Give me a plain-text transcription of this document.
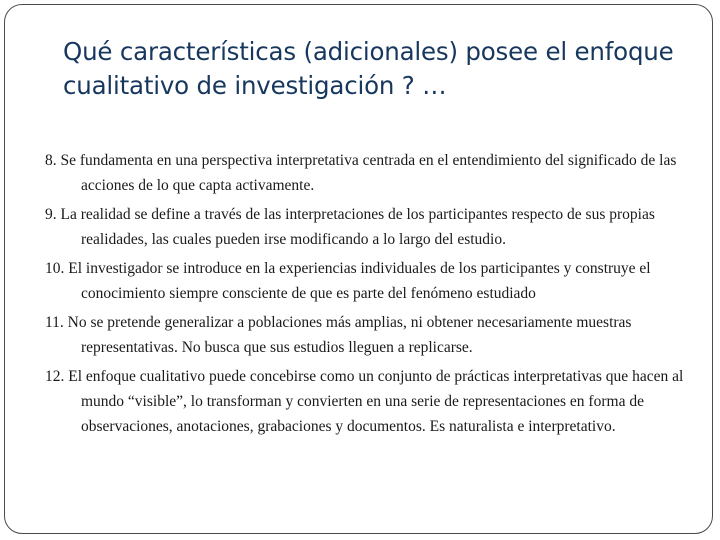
Qué características (adicionales) posee el enfoque cualitativo de investigación ? …
8. Se fundamenta en una perspectiva interpretativa centrada en el entendimiento del significado de las acciones de lo que capta activamente.
9. La realidad se define a través de las interpretaciones de los participantes respecto de sus propias realidades, las cuales pueden irse modificando a lo largo del estudio.
10. El investigador se introduce en la experiencias individuales de los participantes y construye el conocimiento siempre consciente de que es parte del fenómeno estudiado
11. No se pretende generalizar a poblaciones más amplias, ni obtener necesariamente muestras representativas. No busca que sus estudios lleguen a replicarse.
12. El enfoque cualitativo puede concebirse como un conjunto de prácticas interpretativas que hacen al mundo “visible”, lo transforman y convierten en una serie de representaciones en forma de observaciones, anotaciones, grabaciones y documentos. Es naturalista e interpretativo.
